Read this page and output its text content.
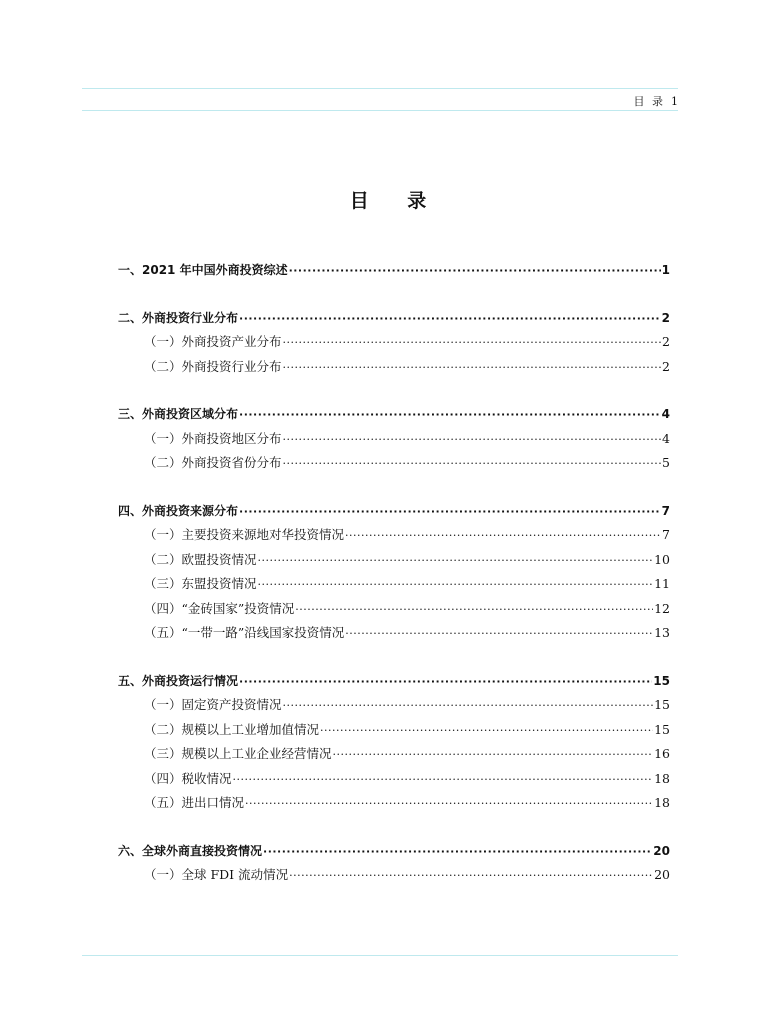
目 录 1
目 录
一、2021 年中国外商投资综述 ·····	1
二、外商投资行业分布 ·····	2
（一）外商投资产业分布 ·····	2
（二）外商投资行业分布 ·····	2
三、外商投资区域分布 ·····	4
（一）外商投资地区分布 ·····	4
（二）外商投资省份分布 ·····	5
四、外商投资来源分布 ·····	7
（一）主要投资来源地对华投资情况 ·····	7
（二）欧盟投资情况 ·····	10
（三）东盟投资情况 ·····	11
（四）“金砖国家”投资情况 ·····	12
（五）“一带一路”沿线国家投资情况 ·····	13
五、外商投资运行情况 ·····	15
（一）固定资产投资情况 ·····	15
（二）规模以上工业增加值情况 ·····	15
（三）规模以上工业企业经营情况 ·····	16
（四）税收情况 ·····	18
（五）进出口情况 ·····	18
六、全球外商直接投资情况 ·····	20
（一）全球 FDI 流动情况 ·····	20
